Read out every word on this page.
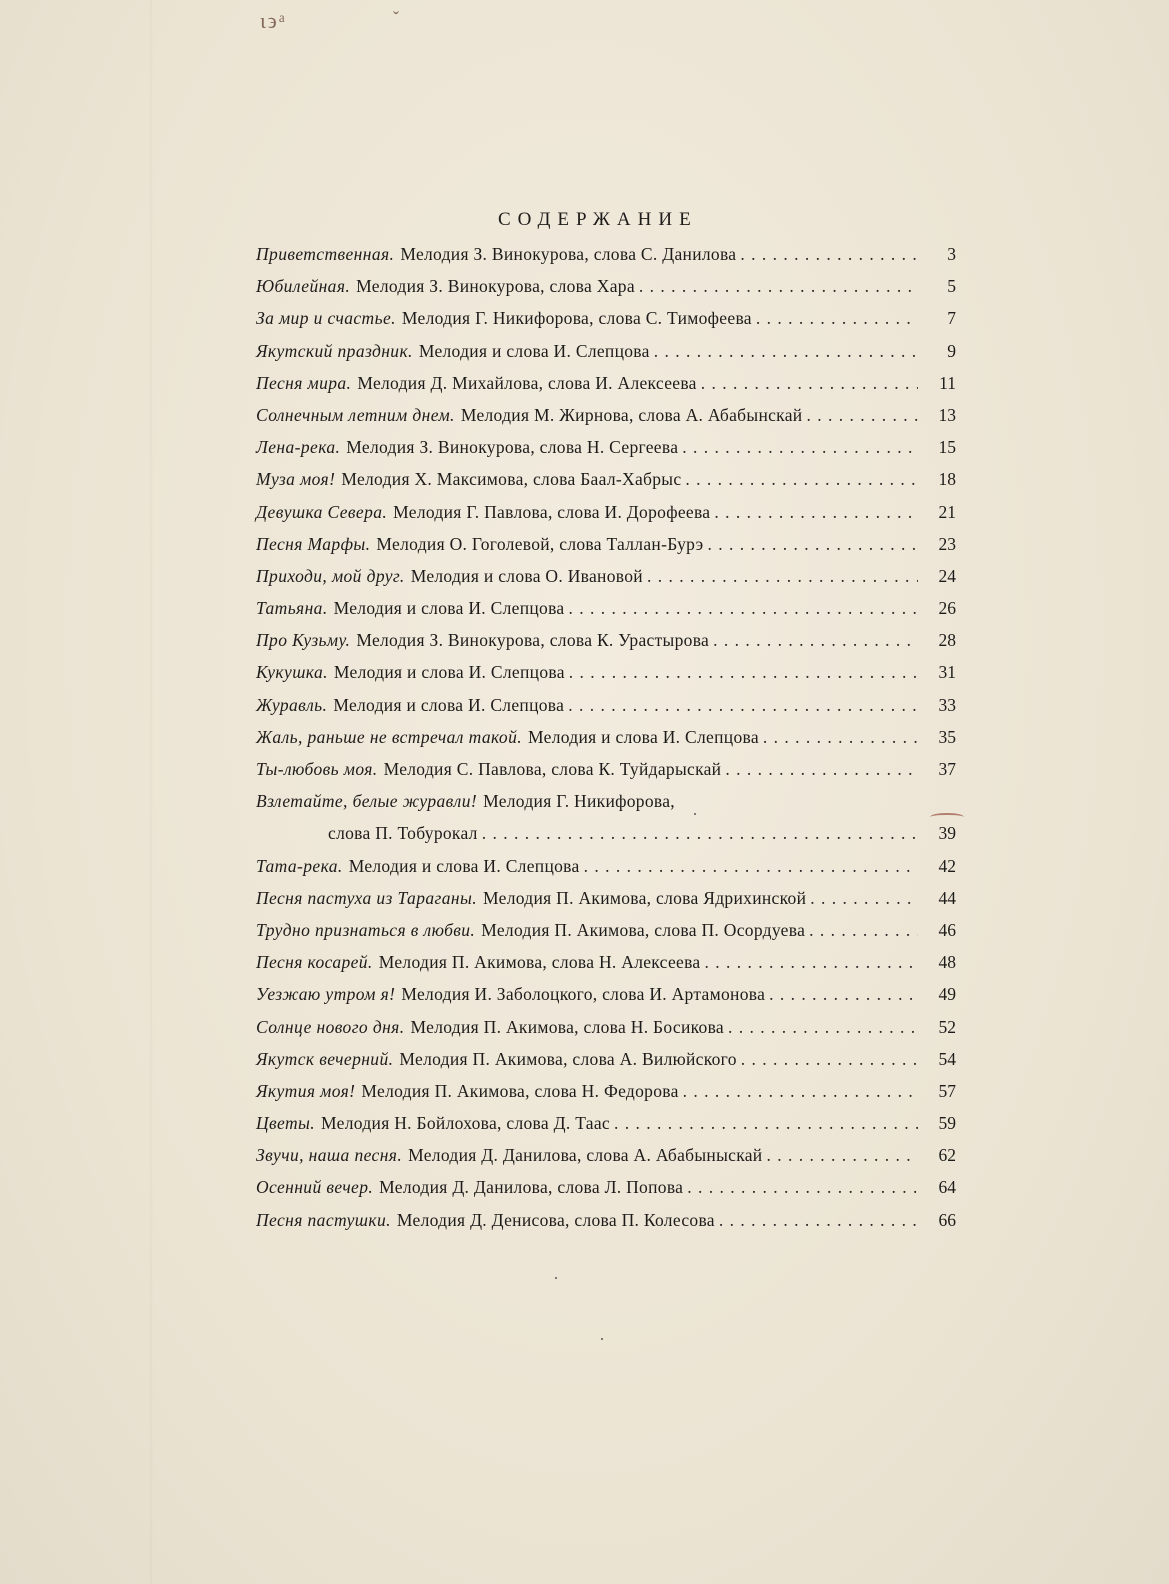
ι϶ᵃ	ˇ
СОДЕРЖАНИЕ
Приветственная. Мелодия З. Винокурова, слова С. Данилова . . .	3
Юбилейная. Мелодия З. Винокурова, слова Хара . . .	5
За мир и счастье. Мелодия Г. Никифорова, слова С. Тимофеева . . .	7
Якутский праздник. Мелодия и слова И. Слепцова . . .	9
Песня мира. Мелодия Д. Михайлова, слова И. Алексеева . . .	11
Солнечным летним днем. Мелодия М. Жирнова, слова А. Абабынскай . . .	13
Лена-река. Мелодия З. Винокурова, слова Н. Сергеева . . .	15
Муза моя! Мелодия Х. Максимова, слова Баал-Хабрыс . . .	18
Девушка Севера. Мелодия Г. Павлова, слова И. Дорофеева . . .	21
Песня Марфы. Мелодия О. Гоголевой, слова Таллан-Бурэ . . .	23
Приходи, мой друг. Мелодия и слова О. Ивановой . . .	24
Татьяна. Мелодия и слова И. Слепцова . . .	26
Про Кузьму. Мелодия З. Винокурова, слова К. Урастырова . . .	28
Кукушка. Мелодия и слова И. Слепцова . . .	31
Журавль. Мелодия и слова И. Слепцова . . .	33
Жаль, раньше не встречал такой. Мелодия и слова И. Слепцова . . .	35
Ты-любовь моя. Мелодия С. Павлова, слова К. Туйдарыскай . . .	37
Взлетайте, белые журавли! Мелодия Г. Никифорова,
слова П. Тобурокал . . .	39
Тата-река. Мелодия и слова И. Слепцова . . .	42
Песня пастуха из Тараганы. Мелодия П. Акимова, слова Ядрихинской . . .	44
Трудно признаться в любви. Мелодия П. Акимова, слова П. Осордуева . . .	46
Песня косарей. Мелодия П. Акимова, слова Н. Алексеева . . .	48
Уезжаю утром я! Мелодия И. Заболоцкого, слова И. Артамонова . . .	49
Солнце нового дня. Мелодия П. Акимова, слова Н. Босикова . . .	52
Якутск вечерний. Мелодия П. Акимова, слова А. Вилюйского . . .	54
Якутия моя! Мелодия П. Акимова, слова Н. Федорова . . .	57
Цветы. Мелодия Н. Бойлохова, слова Д. Таас . . .	59
Звучи, наша песня. Мелодия Д. Данилова, слова А. Абабыныскай . . .	62
Осенний вечер. Мелодия Д. Данилова, слова Л. Попова . . .	64
Песня пастушки. Мелодия Д. Денисова, слова П. Колесова . . .	66
